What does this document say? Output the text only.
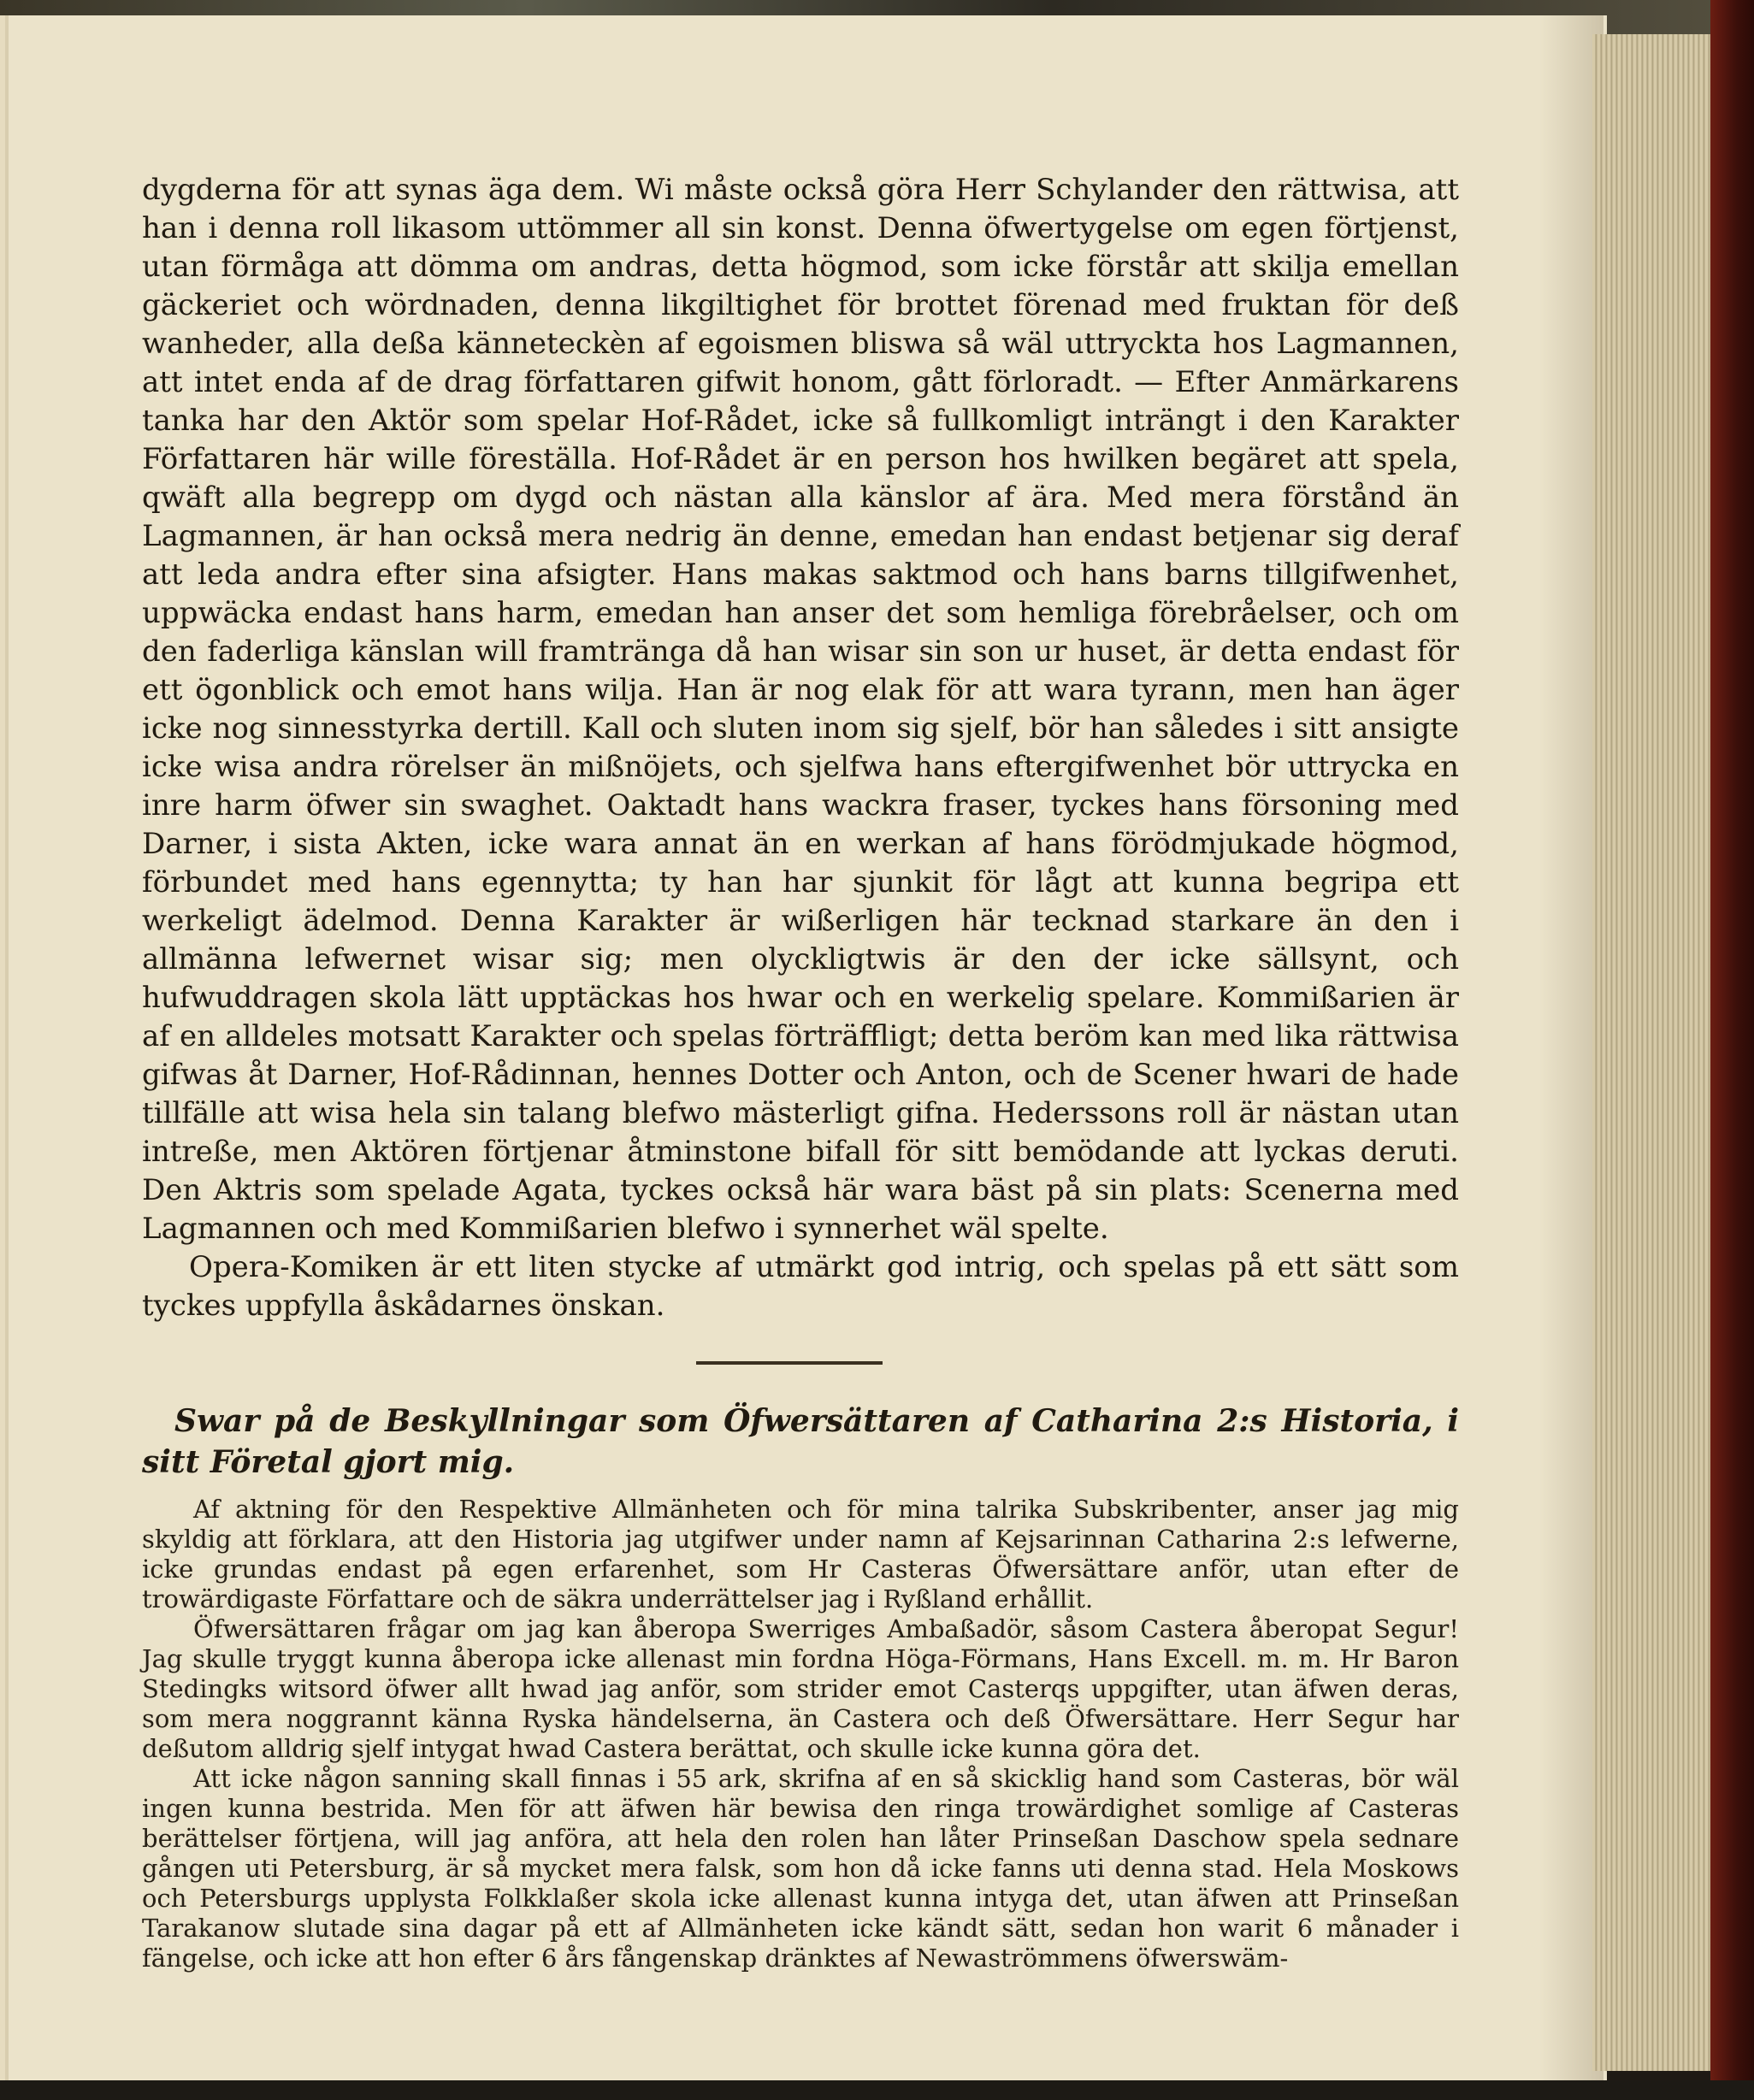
dygderna för att synas äga dem. Wi måste också göra Herr Schylander den rättwisa, att han i denna roll likasom uttömmer all sin konst. Denna öfwertygelse om egen förtjenst, utan förmåga att dömma om andras, detta högmod, som icke förstår att skilja emellan gäckeriet och wördnaden, denna likgiltighet för brottet förenad med fruktan för deß wanheder, alla deßa känneteckèn af egoismen bliswa så wäl uttryckta hos Lagmannen, att intet enda af de drag författaren gifwit honom, gått förloradt. — Efter Anmärkarens tanka har den Aktör som spelar Hof-Rådet, icke så fullkomligt inträngt i den Karakter Författaren här wille föreställa. Hof-Rådet är en person hos hwilken begäret att spela, qwäft alla begrepp om dygd och nästan alla känslor af ära. Med mera förstånd än Lagmannen, är han också mera nedrig än denne, emedan han endast betjenar sig deraf att leda andra efter sina afsigter. Hans makas saktmod och hans barns tillgifwenhet, uppwäcka endast hans harm, emedan han anser det som hemliga förebråelser, och om den faderliga känslan will framtränga då han wisar sin son ur huset, är detta endast för ett ögonblick och emot hans wilja. Han är nog elak för att wara tyrann, men han äger icke nog sinnesstyrka dertill. Kall och sluten inom sig sjelf, bör han således i sitt ansigte icke wisa andra rörelser än mißnöjets, och sjelfwa hans eftergifwenhet bör uttrycka en inre harm öfwer sin swaghet. Oaktadt hans wackra fraser, tyckes hans försoning med Darner, i sista Akten, icke wara annat än en werkan af hans förödmjukade högmod, förbundet med hans egennytta; ty han har sjunkit för lågt att kunna begripa ett werkeligt ädelmod. Denna Karakter är wißerligen här tecknad starkare än den i allmänna lefwernet wisar sig; men olyckligtwis är den der icke sällsynt, och hufwuddragen skola lätt upptäckas hos hwar och en werkelig spelare. Kommißarien är af en alldeles motsatt Karakter och spelas förträffligt; detta beröm kan med lika rättwisa gifwas åt Darner, Hof-Rådinnan, hennes Dotter och Anton, och de Scener hwari de hade tillfälle att wisa hela sin talang blefwo mästerligt gifna. Hederssons roll är nästan utan intreße, men Aktören förtjenar åtminstone bifall för sitt bemödande att lyckas deruti. Den Aktris som spelade Agata, tyckes också här wara bäst på sin plats: Scenerna med Lagmannen och med Kommißarien blefwo i synnerhet wäl spelte.

Opera-Komiken är ett liten stycke af utmärkt god intrig, och spelas på ett sätt som tyckes uppfylla åskådarnes önskan.

Swar på de Beskyllningar som Öfwersättaren af Catharina 2:s Historia, i sitt Företal gjort mig.

Af aktning för den Respektive Allmänheten och för mina talrika Subskribenter, anser jag mig skyldig att förklara, att den Historia jag utgifwer under namn af Kejsarinnan Catharina 2:s lefwerne, icke grundas endast på egen erfarenhet, som Hr Casteras Öfwersättare anför, utan efter de trowärdigaste Författare och de säkra underrättelser jag i Ryßland erhållit.

Öfwersättaren frågar om jag kan åberopa Swerriges Ambaßadör, såsom Castera åberopat Segur! Jag skulle tryggt kunna åberopa icke allenast min fordna Höga-Förmans, Hans Excell. m. m. Hr Baron Stedingks witsord öfwer allt hwad jag anför, som strider emot Casterqs uppgifter, utan äfwen deras, som mera noggrannt känna Ryska händelserna, än Castera och deß Öfwersättare. Herr Segur har deßutom alldrig sjelf intygat hwad Castera berättat, och skulle icke kunna göra det.

Att icke någon sanning skall finnas i 55 ark, skrifna af en så skicklig hand som Casteras, bör wäl ingen kunna bestrida. Men för att äfwen här bewisa den ringa trowärdighet somlige af Casteras berättelser förtjena, will jag anföra, att hela den rolen han låter Prinseßan Daschow spela sednare gången uti Petersburg, är så mycket mera falsk, som hon då icke fanns uti denna stad. Hela Moskows och Petersburgs upplysta Folkklaßer skola icke allenast kunna intyga det, utan äfwen att Prinseßan Tarakanow slutade sina dagar på ett af Allmänheten icke kändt sätt, sedan hon warit 6 månader i fängelse, och icke att hon efter 6 års fångenskap dränktes af Newaströmmens öfwerswäm-
